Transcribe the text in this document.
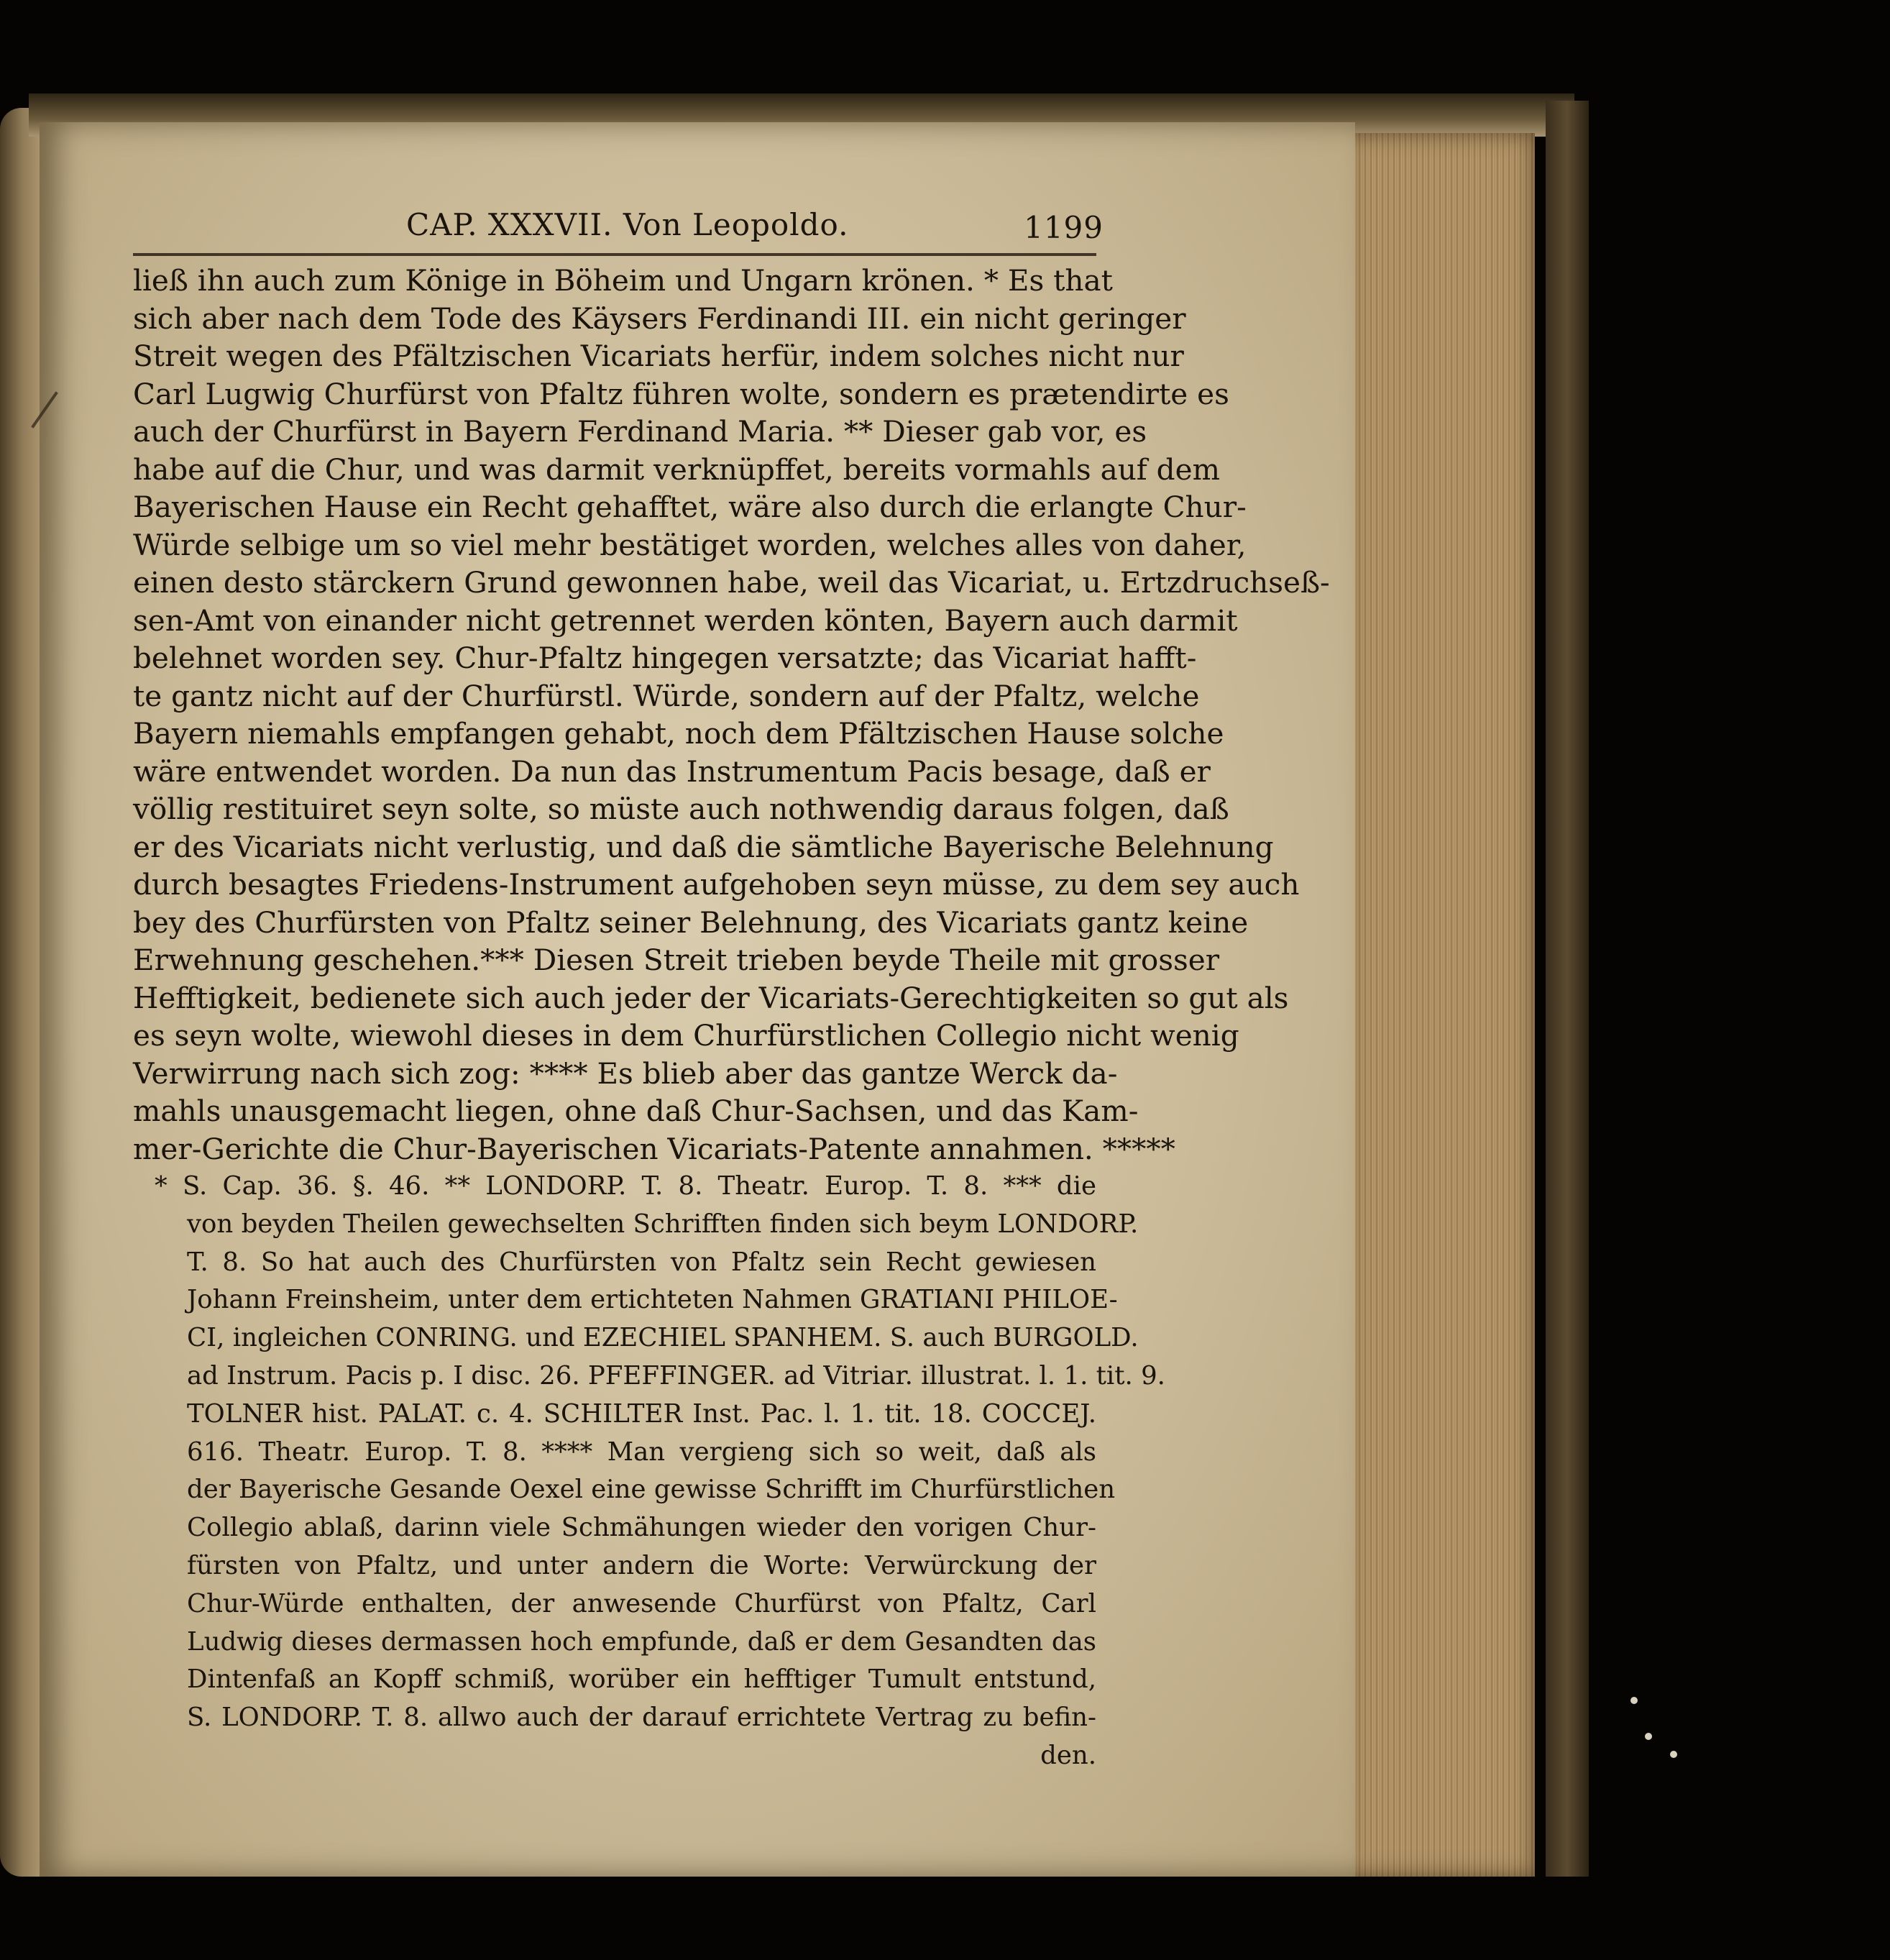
CAP. XXXVII. Von Leopoldo.	1199
ließ ihn auch zum Könige in Böheim und Ungarn krönen. * Es that
sich aber nach dem Tode des Käysers Ferdinandi III. ein nicht geringer
Streit wegen des Pfältzischen Vicariats herfür, indem solches nicht nur
Carl Lugwig Churfürst von Pfaltz führen wolte, sondern es prætendirte es
auch der Churfürst in Bayern Ferdinand Maria. ** Dieser gab vor, es
habe auf die Chur, und was darmit verknüpffet, bereits vormahls auf dem
Bayerischen Hause ein Recht gehafftet, wäre also durch die erlangte Chur-
Würde selbige um so viel mehr bestätiget worden, welches alles von daher,
einen desto stärckern Grund gewonnen habe, weil das Vicariat, u. Ertzdruchseß-
sen-Amt von einander nicht getrennet werden könten, Bayern auch darmit
belehnet worden sey. Chur-Pfaltz hingegen versatzte; das Vicariat hafft-
te gantz nicht auf der Churfürstl. Würde, sondern auf der Pfaltz, welche
Bayern niemahls empfangen gehabt, noch dem Pfältzischen Hause solche
wäre entwendet worden. Da nun das Instrumentum Pacis besage, daß er
völlig restituiret seyn solte, so müste auch nothwendig daraus folgen, daß
er des Vicariats nicht verlustig, und daß die sämtliche Bayerische Belehnung
durch besagtes Friedens-Instrument aufgehoben seyn müsse, zu dem sey auch
bey des Churfürsten von Pfaltz seiner Belehnung, des Vicariats gantz keine
Erwehnung geschehen.*** Diesen Streit trieben beyde Theile mit grosser
Hefftigkeit, bedienete sich auch jeder der Vicariats-Gerechtigkeiten so gut als
es seyn wolte, wiewohl dieses in dem Churfürstlichen Collegio nicht wenig
Verwirrung nach sich zog: **** Es blieb aber das gantze Werck da-
mahls unausgemacht liegen, ohne daß Chur-Sachsen, und das Kam-
mer-Gerichte die Chur-Bayerischen Vicariats-Patente annahmen. *****
* S. Cap. 36. §. 46. ** LONDORP. T. 8. Theatr. Europ. T. 8. *** die
von beyden Theilen gewechselten Schrifften finden sich beym LONDORP.
T. 8. So hat auch des Churfürsten von Pfaltz sein Recht gewiesen
Johann Freinsheim, unter dem ertichteten Nahmen GRATIANI PHILOE-
CI, ingleichen CONRING. und EZECHIEL SPANHEM. S. auch BURGOLD.
ad Instrum. Pacis p. I disc. 26. PFEFFINGER. ad Vitriar. illustrat. l. 1. tit. 9.
TOLNER hist. PALAT. c. 4. SCHILTER Inst. Pac. l. 1. tit. 18. COCCEJ.
616. Theatr. Europ. T. 8. **** Man vergieng sich so weit, daß als
der Bayerische Gesande Oexel eine gewisse Schrifft im Churfürstlichen
Collegio ablaß, darinn viele Schmähungen wieder den vorigen Chur-
fürsten von Pfaltz, und unter andern die Worte: Verwürckung der
Chur-Würde enthalten, der anwesende Churfürst von Pfaltz, Carl
Ludwig dieses dermassen hoch empfunde, daß er dem Gesandten das
Dintenfaß an Kopff schmiß, worüber ein hefftiger Tumult entstund,
S. LONDORP. T. 8. allwo auch der darauf errichtete Vertrag zu befin-
den.
